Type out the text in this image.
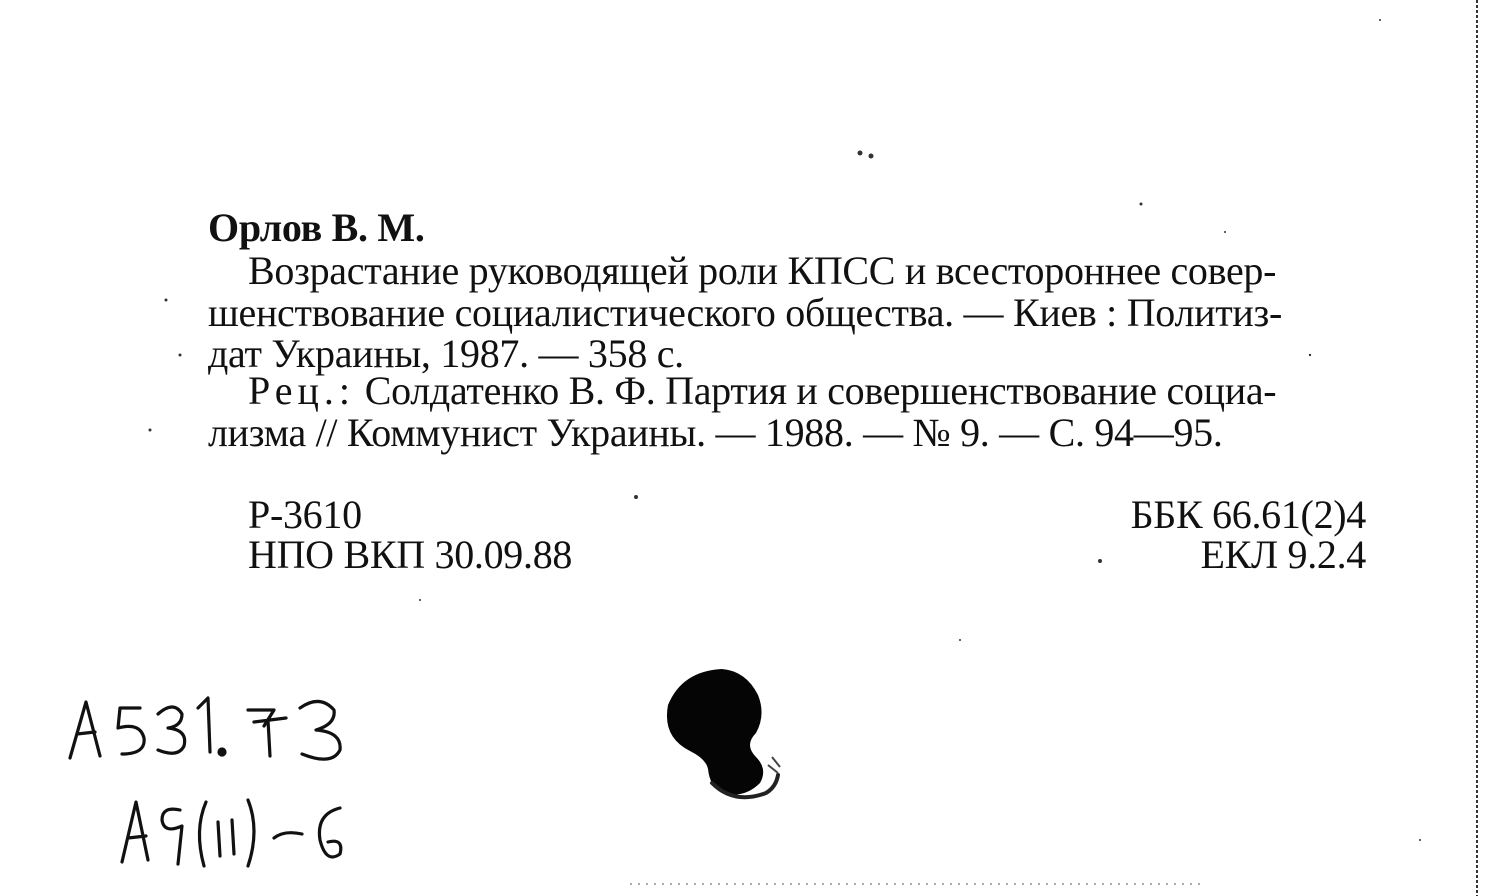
Орлов В. М.
Возрастание руководящей роли КПСС и всестороннее совер-
шенствование социалистического общества. — Киев : Политиз-
дат Украины, 1987. — 358 с.
Рец.: Солдатенко В. Ф. Партия и совершенствование социа-
лизма // Коммунист Украины. — 1988. — № 9. — С. 94—95.
Р-3610
НПО ВКП 30.09.88
ББК 66.61(2)4
ЕКЛ 9.2.4
